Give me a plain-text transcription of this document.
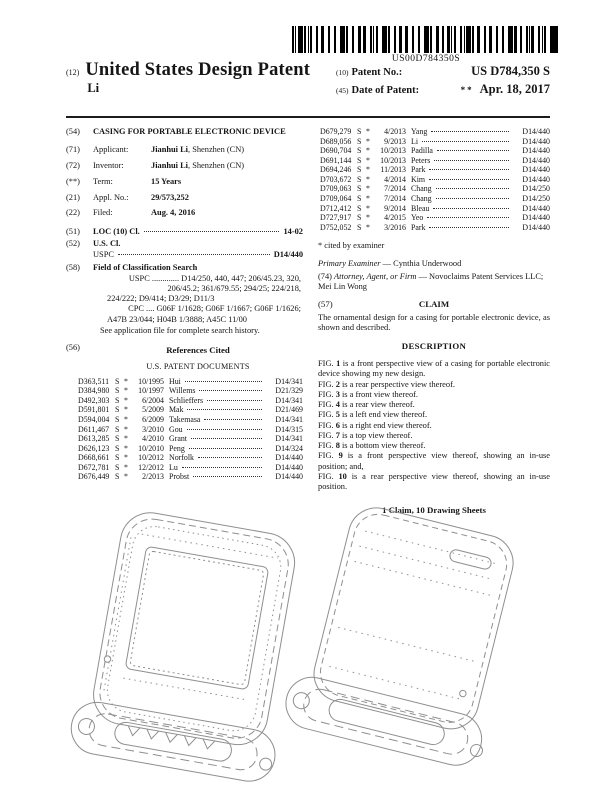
US00D784350S
(12) United States Design Patent
Li
(10) Patent No.:	US D784,350 S
(45) Date of Patent:	** Apr. 18, 2017
(54)	CASING FOR PORTABLE ELECTRONIC DEVICE
(71)	Applicant:	Jianhui Li, Shenzhen (CN)
(72)	Inventor:	Jianhui Li, Shenzhen (CN)
(**)	Term:	15 Years
(21)	Appl. No.:	29/573,252
(22)	Filed:	Aug. 4, 2016
(51)	LOC (10) Cl.	14-02
(52)	U.S. Cl.
USPC	D14/440
(58)	Field of Classification Search
USPC ............. D14/250, 440, 447; 206/45.23, 320,
206/45.2; 361/679.55; 294/25; 224/218,
224/222; D9/414; D3/29; D11/3
CPC .... G06F 1/1628; G06F 1/1667; G06F 1/1626;
A47B 23/044; H04B 1/3888; A45C 11/00
See application file for complete search history.
(56)	References Cited
U.S. PATENT DOCUMENTS
D363,511 S *	10/1995 Hui	D14/341
D384,980 S *	10/1997 Willems	D21/329
D492,303 S *	6/2004 Schlieffers	D14/341
D591,801 S *	5/2009 Mak	D21/469
D594,004 S *	6/2009 Takemasa	D14/341
D611,467 S *	3/2010 Gou	D14/315
D613,285 S *	4/2010 Grant	D14/341
D626,123 S *	10/2010 Peng	D14/324
D668,661 S *	10/2012 Norfolk	D14/440
D672,781 S *	12/2012 Lu	D14/440
D676,449 S *	2/2013 Probst	D14/440
D679,279 S *	4/2013 Yang	D14/440
D689,056 S *	9/2013 Li	D14/440
D690,704 S *	10/2013 Padilla	D14/440
D691,144 S *	10/2013 Peters	D14/440
D694,246 S *	11/2013 Park	D14/440
D703,672 S *	4/2014 Kim	D14/440
D709,063 S *	7/2014 Chang	D14/250
D709,064 S *	7/2014 Chang	D14/250
D712,412 S *	9/2014 Bleau	D14/440
D727,917 S *	4/2015 Yeo	D14/440
D752,052 S *	3/2016 Park	D14/440
* cited by examiner
Primary Examiner — Cynthia Underwood
(74) Attorney, Agent, or Firm — Novoclaims Patent Services LLC; Mei Lin Wong
(57)	CLAIM
The ornamental design for a casing for portable electronic device, as shown and described.
DESCRIPTION
FIG. 1 is a front perspective view of a casing for portable electronic device showing my new design.
FIG. 2 is a rear perspective view thereof.
FIG. 3 is a front view thereof.
FIG. 4 is a rear view thereof.
FIG. 5 is a left end view thereof.
FIG. 6 is a right end view thereof.
FIG. 7 is a top view thereof.
FIG. 8 is a bottom view thereof.
FIG. 9 is a front perspective view thereof, showing an in-use position; and,
FIG. 10 is a rear perspective view thereof, showing an in-use position.
1 Claim, 10 Drawing Sheets
